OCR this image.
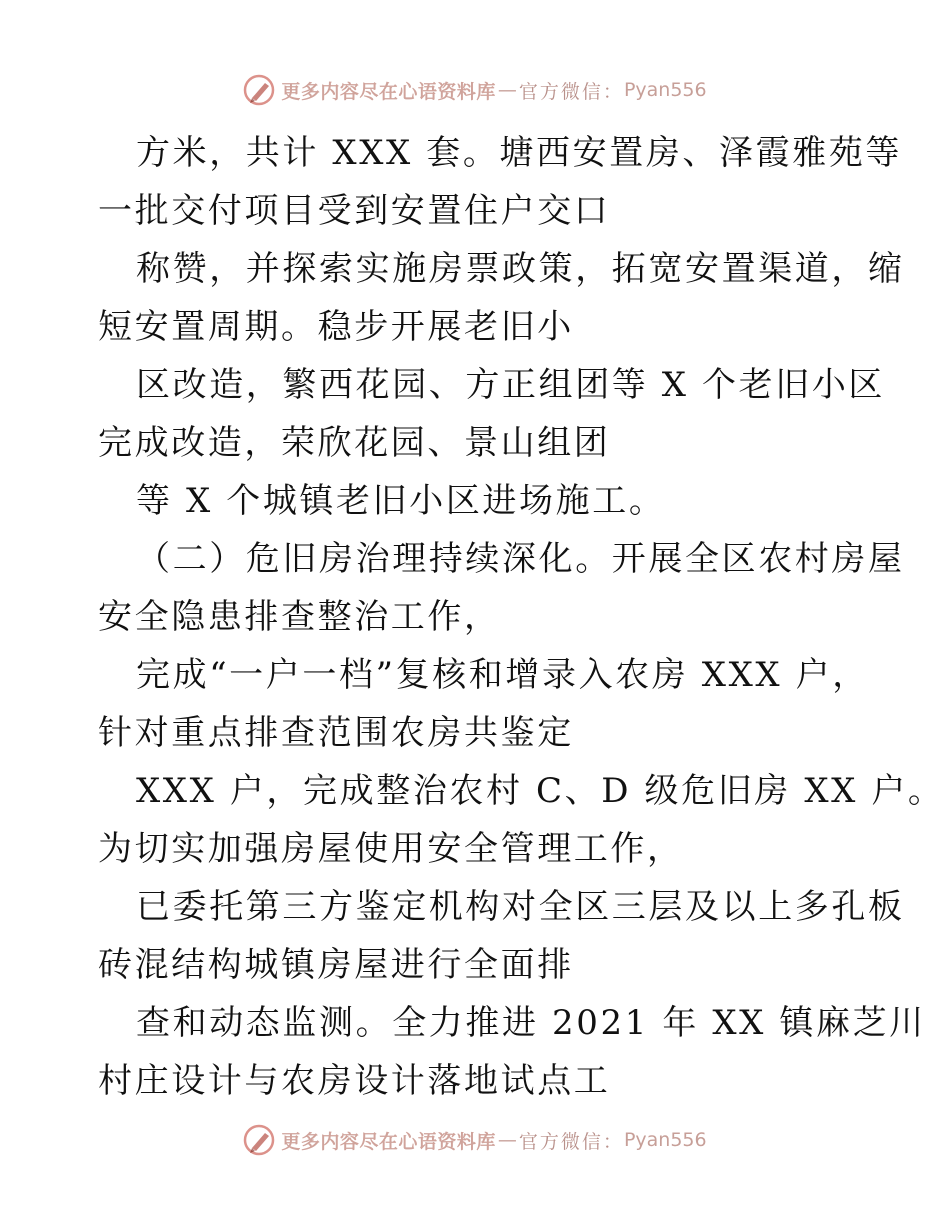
更多内容尽在心语资料库 — 官方微信： Pyan556
方米，共计 XXX 套。塘西安置房、泽霞雅苑等
一批交付项目受到安置住户交口
称赞，并探索实施房票政策，拓宽安置渠道，缩
短安置周期。稳步开展老旧小
区改造，繁西花园、方正组团等 X 个老旧小区
完成改造，荣欣花园、景山组团
等 X 个城镇老旧小区进场施工。
（二）危旧房治理持续深化。开展全区农村房屋
安全隐患排查整治工作，
完成“一户一档”复核和增录入农房 XXX 户，
针对重点排查范围农房共鉴定
XXX 户，完成整治农村 C、D 级危旧房 XX 户。
为切实加强房屋使用安全管理工作，
已委托第三方鉴定机构对全区三层及以上多孔板
砖混结构城镇房屋进行全面排
查和动态监测。全力推进 2021 年 XX 镇麻芝川
村庄设计与农房设计落地试点工
更多内容尽在心语资料库 — 官方微信： Pyan556
